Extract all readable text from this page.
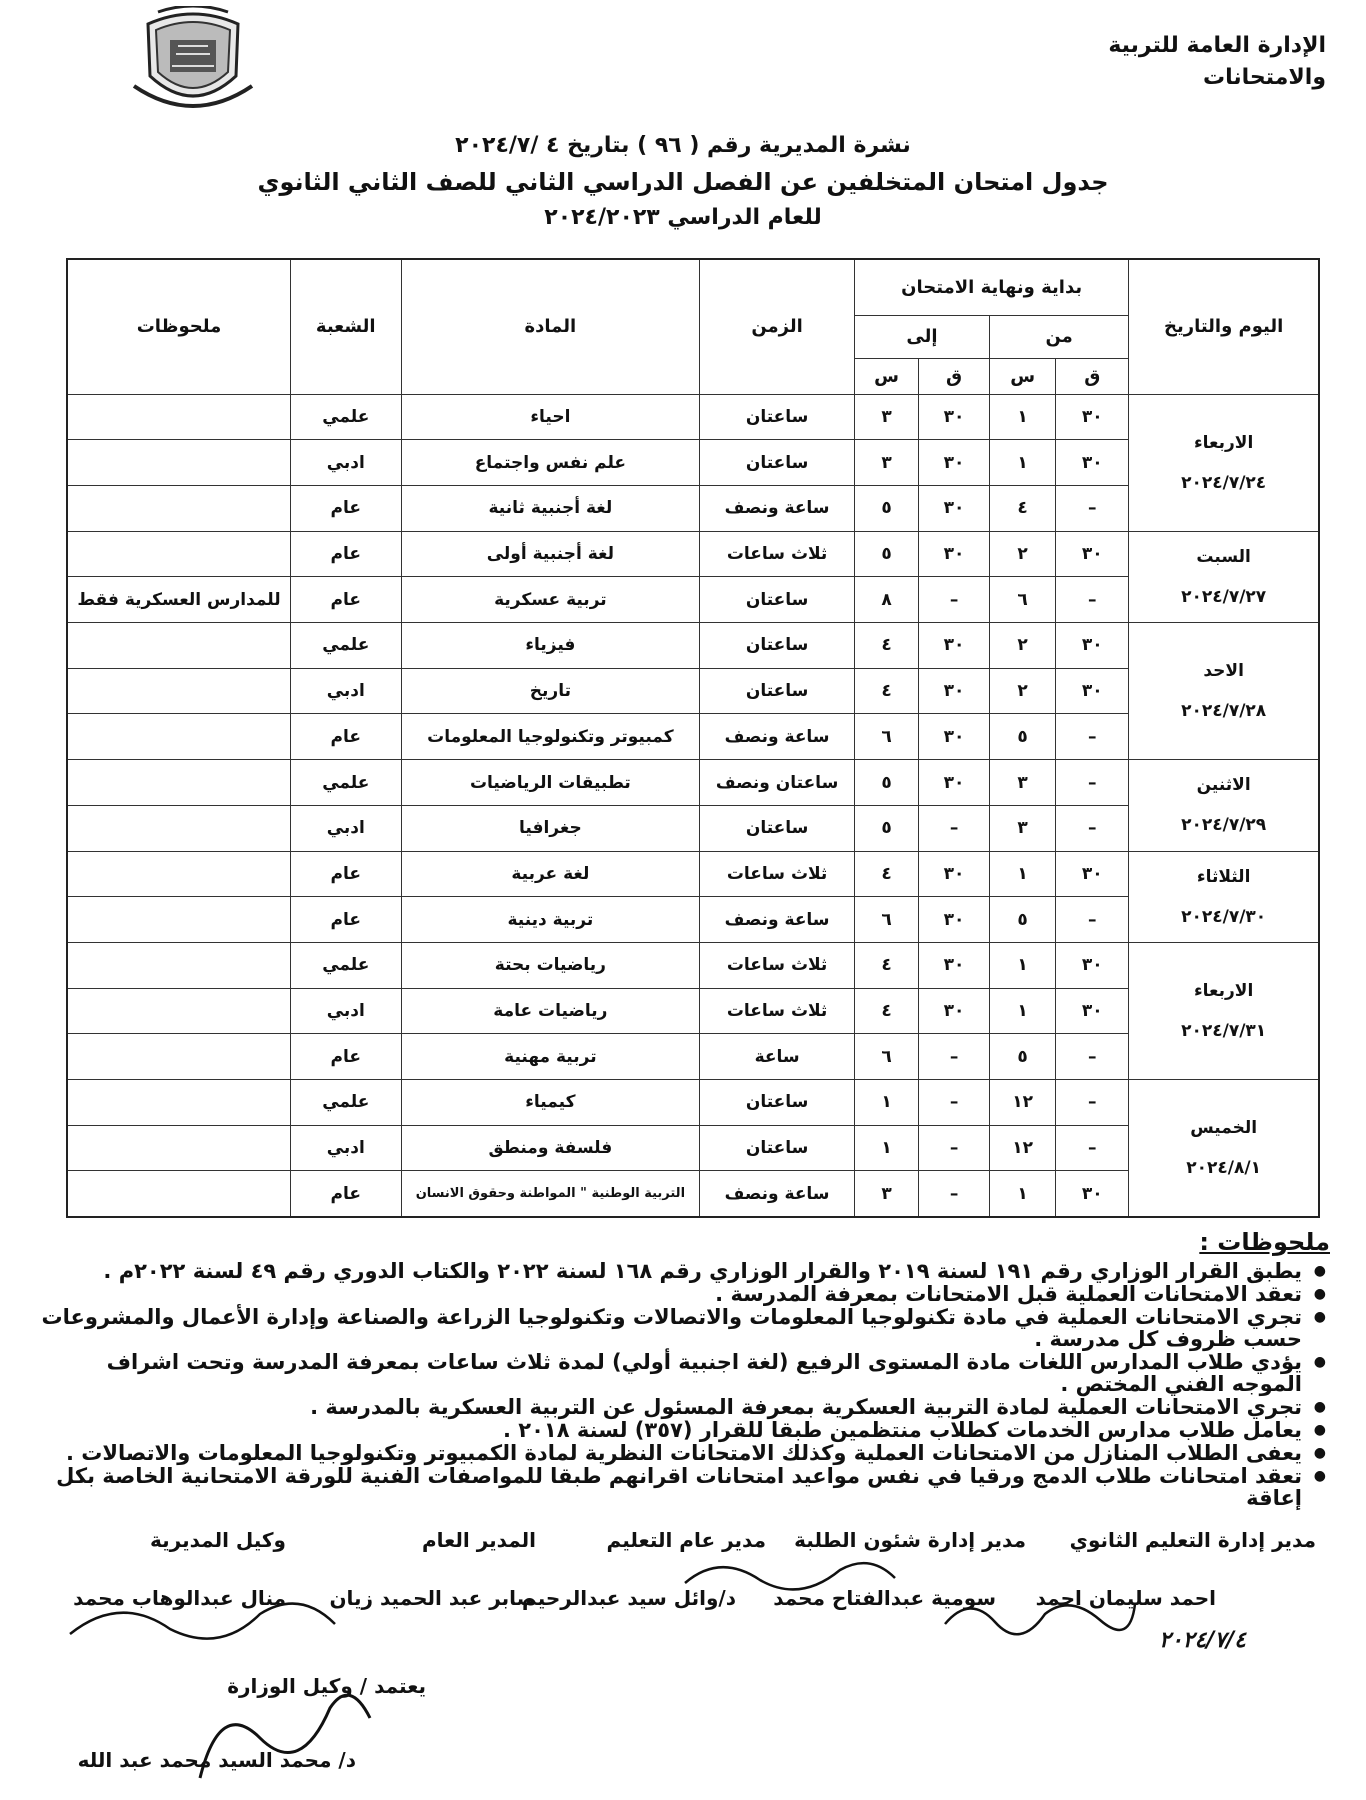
الإدارة العامة للتربية
والامتحانات
نشرة المديرية رقم ( ٩٦ ) بتاريخ ٤ /٢٠٢٤/٧
جدول امتحان المتخلفين عن الفصل الدراسي الثاني للصف الثاني الثانوي
للعام الدراسي ٢٠٢٤/٢٠٢٣
اليوم والتاريخ	بداية ونهاية الامتحان				الزمن	المادة	الشعبة	ملحوظات
	من		إلى					
	ق	س	ق	س				

الاربعاء
٢٠٢٤/٧/٢٤	٣٠	١	٣٠	٣	ساعتان	احياء	علمي	
	٣٠	١	٣٠	٣	ساعتان	علم نفس واجتماع	ادبي	
	–	٤	٣٠	٥	ساعة ونصف	لغة أجنبية ثانية	عام	

السبت
٢٠٢٤/٧/٢٧	٣٠	٢	٣٠	٥	ثلاث ساعات	لغة أجنبية أولى	عام	
	–	٦	–	٨	ساعتان	تربية عسكرية	عام	للمدارس العسكرية فقط

الاحد
٢٠٢٤/٧/٢٨	٣٠	٢	٣٠	٤	ساعتان	فيزياء	علمي	
	٣٠	٢	٣٠	٤	ساعتان	تاريخ	ادبي	
	–	٥	٣٠	٦	ساعة ونصف	كمبيوتر وتكنولوجيا المعلومات	عام	

الاثنين
٢٠٢٤/٧/٢٩	–	٣	٣٠	٥	ساعتان ونصف	تطبيقات الرياضيات	علمي	
	–	٣	–	٥	ساعتان	جغرافيا	ادبي	

الثلاثاء
٢٠٢٤/٧/٣٠	٣٠	١	٣٠	٤	ثلاث ساعات	لغة عربية	عام	
	–	٥	٣٠	٦	ساعة ونصف	تربية دينية	عام	

الاربعاء
٢٠٢٤/٧/٣١	٣٠	١	٣٠	٤	ثلاث ساعات	رياضيات بحتة	علمي	
	٣٠	١	٣٠	٤	ثلاث ساعات	رياضيات عامة	ادبي	
	–	٥	–	٦	ساعة	تربية مهنية	عام	

الخميس
٢٠٢٤/٨/١	–	١٢	–	١	ساعتان	كيمياء	علمي	
	–	١٢	–	١	ساعتان	فلسفة ومنطق	ادبي	
	٣٠	١	–	٣	ساعة ونصف	التربية الوطنية " المواطنة وحقوق الانسان	عام	
ملحوظات :
● يطبق القرار الوزاري رقم ١٩١ لسنة ٢٠١٩ والقرار الوزاري رقم ١٦٨ لسنة ٢٠٢٢ والكتاب الدوري رقم ٤٩ لسنة ٢٠٢٢م .
● تعقد الامتحانات العملية قبل الامتحانات بمعرفة المدرسة .
● تجري الامتحانات العملية في مادة تكنولوجيا المعلومات والاتصالات وتكنولوجيا الزراعة والصناعة وإدارة الأعمال والمشروعات حسب ظروف كل مدرسة .
● يؤدي طلاب المدارس اللغات مادة المستوى الرفيع (لغة اجنبية أولي) لمدة ثلاث ساعات بمعرفة المدرسة وتحت اشراف الموجه الفني المختص .
● تجري الامتحانات العملية لمادة التربية العسكرية بمعرفة المسئول عن التربية العسكرية بالمدرسة .
● يعامل طلاب مدارس الخدمات كطلاب منتظمين طبقا للقرار (٣٥٧) لسنة ٢٠١٨ .
● يعفى الطلاب المنازل من الامتحانات العملية وكذلك الامتحانات النظرية لمادة الكمبيوتر وتكنولوجيا المعلومات والاتصالات .
● تعقد امتحانات طلاب الدمج ورقيا في نفس مواعيد امتحانات اقرانهم طبقا للمواصفات الفنية للورقة الامتحانية الخاصة بكل إعاقة
مدير إدارة التعليم الثانوي
مدير إدارة شئون الطلبة
مدير عام التعليم
المدير العام
وكيل المديرية
احمد سليمان احمد
سومية عبدالفتاح محمد
د/وائل سيد عبدالرحيم
صابر عبد الحميد زيان
منال عبدالوهاب محمد
يعتمد / وكيل الوزارة
د/ محمد السيد محمد عبد الله
٢٠٢٤/٧/٤
